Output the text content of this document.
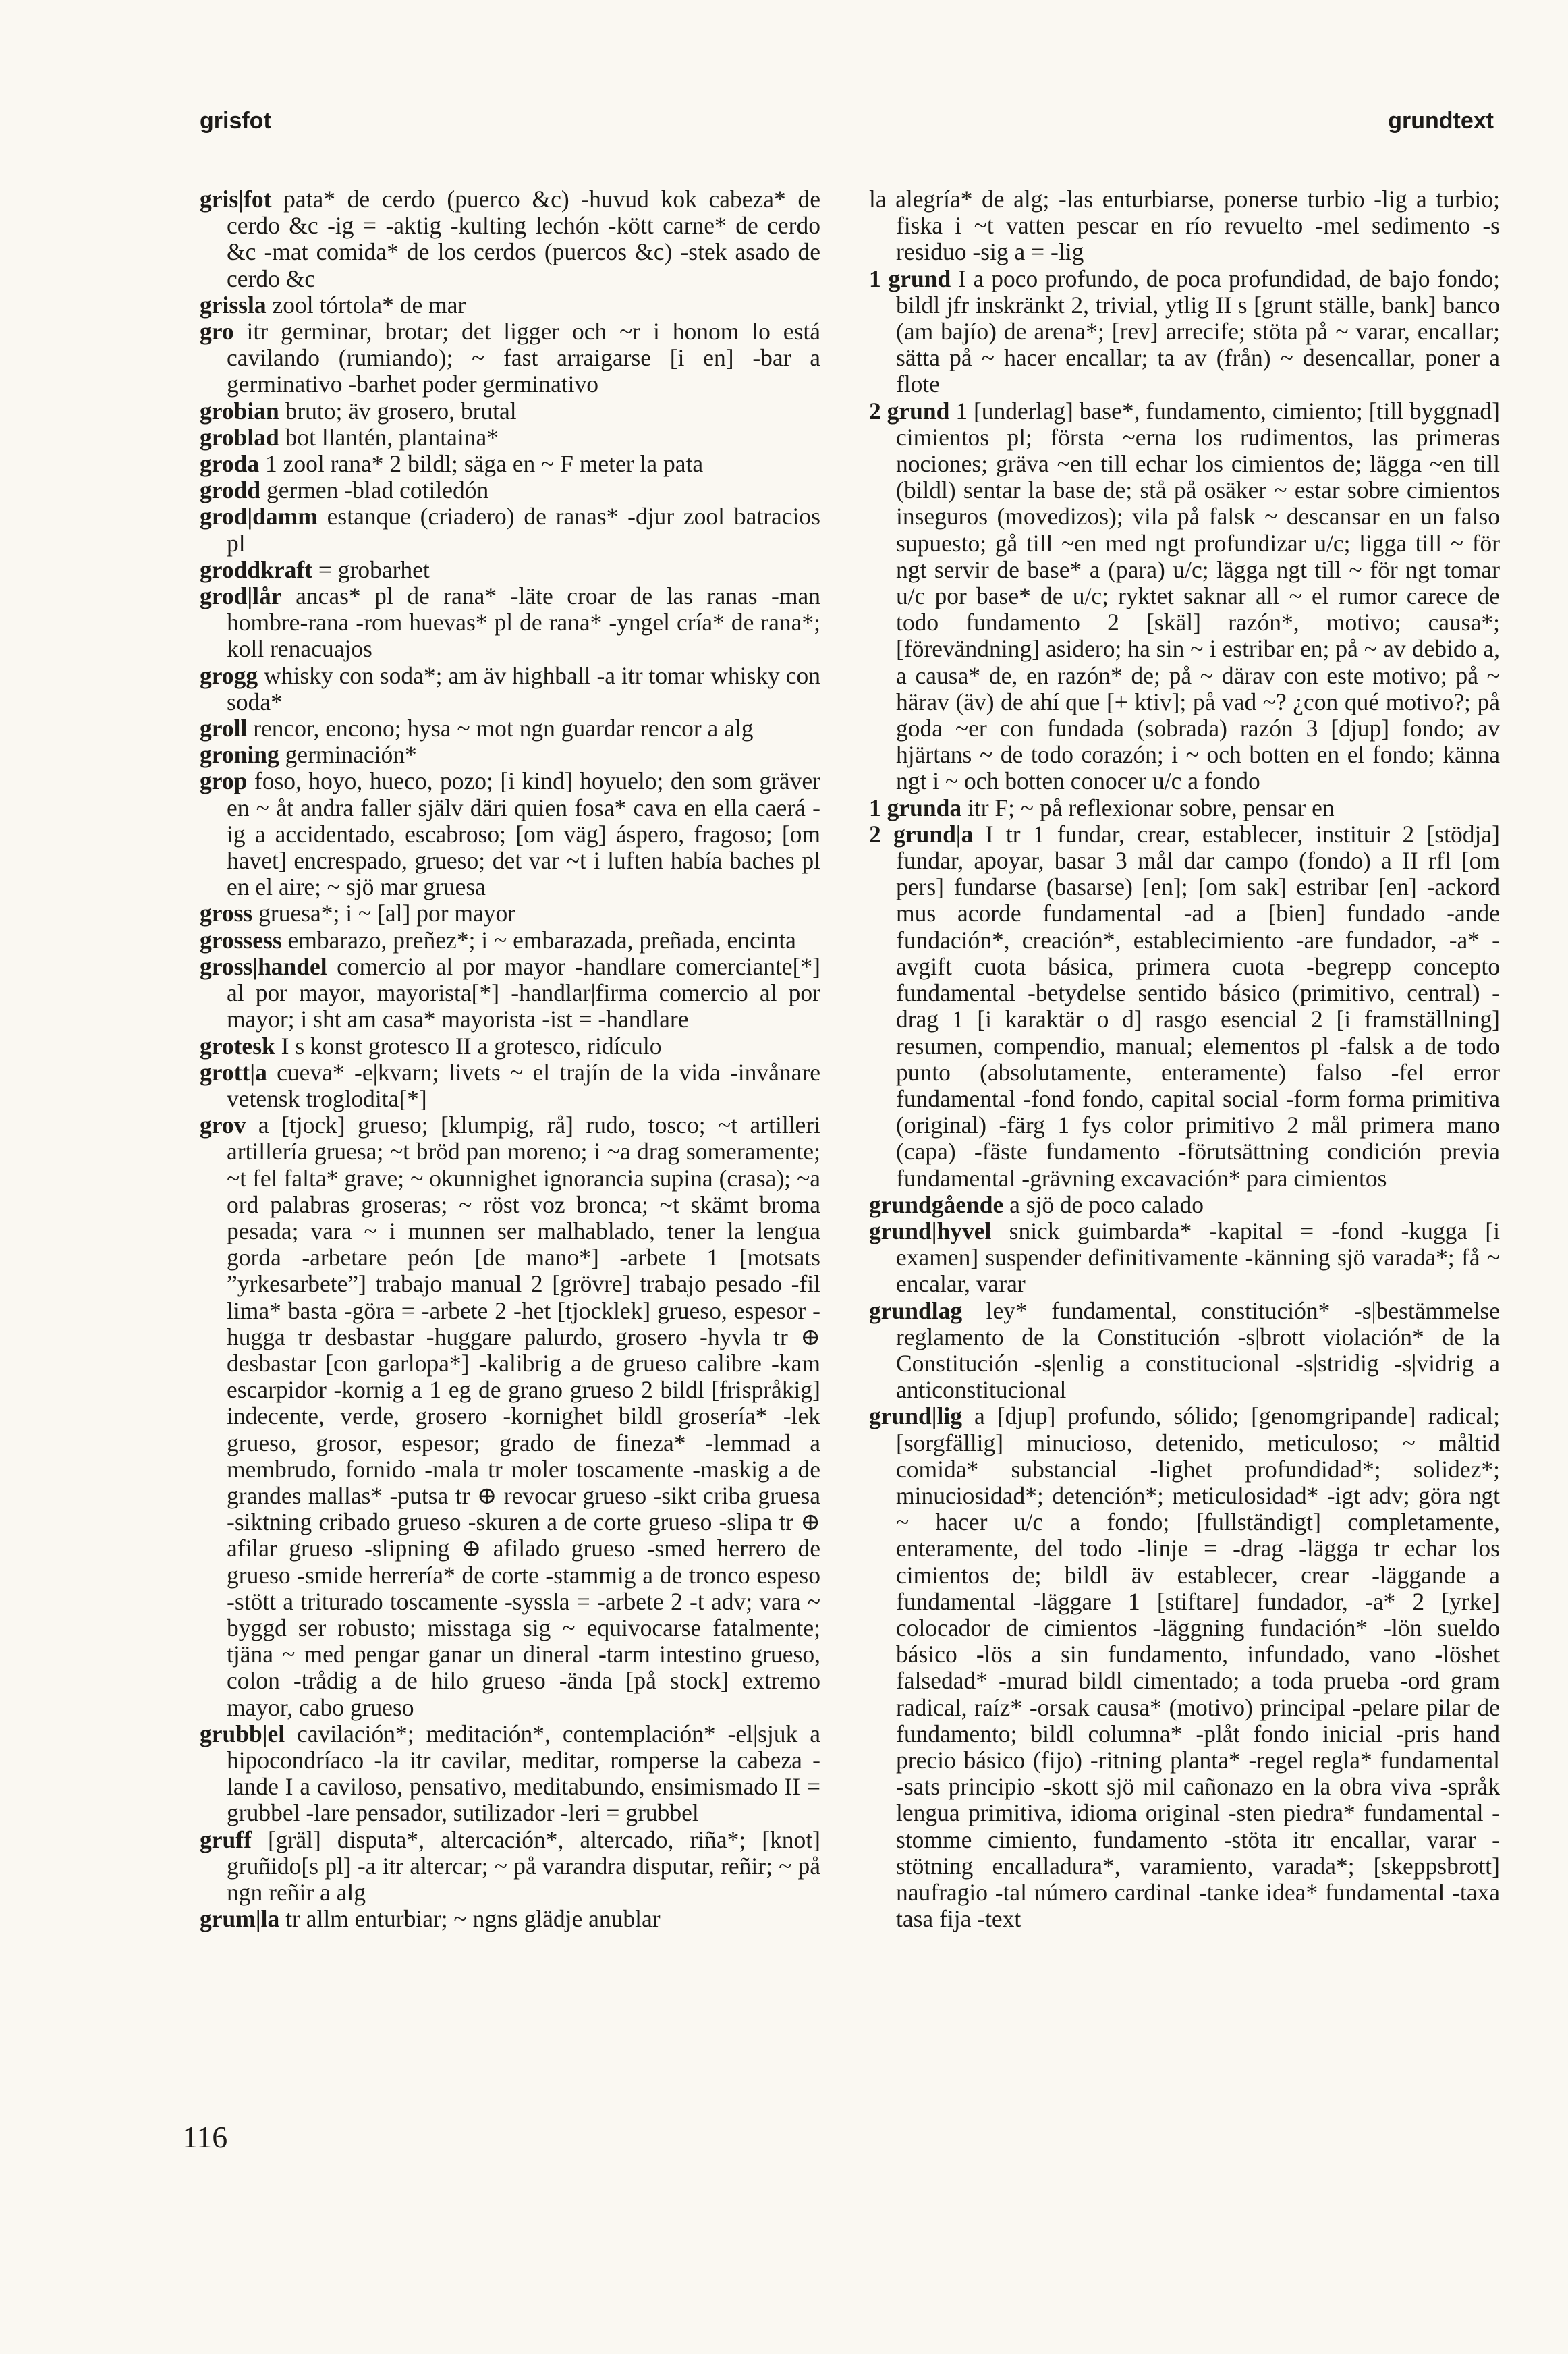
grisfot	grundtext

gris|fot pata* de cerdo (puerco &c) -huvud kok cabeza* de cerdo &c -ig = -aktig -kulting lechón -kött carne* de cerdo &c -mat comida* de los cerdos (puercos &c) -stek asado de cerdo &c

grissla zool tórtola* de mar

gro itr germinar, brotar; det ligger och ~r i honom lo está cavilando (rumiando); ~ fast arraigarse [i en] -bar a germinativo -barhet poder germinativo

grobian bruto; äv grosero, brutal

groblad bot llantén, plantaina*

groda 1 zool rana* 2 bildl; säga en ~ F meter la pata

grodd germen -blad cotiledón

grod|damm estanque (criadero) de ranas* -djur zool batracios pl

groddkraft = grobarhet

grod|lår ancas* pl de rana* -läte croar de las ranas -man hombre-rana -rom huevas* pl de rana* -yngel cría* de rana*; koll renacuajos

grogg whisky con soda*; am äv highball -a itr tomar whisky con soda*

groll rencor, encono; hysa ~ mot ngn guardar rencor a alg

groning germinación*

grop foso, hoyo, hueco, pozo; [i kind] hoyuelo; den som gräver en ~ åt andra faller själv däri quien fosa* cava en ella caerá -ig a accidentado, escabroso; [om väg] áspero, fragoso; [om havet] encrespado, grueso; det var ~t i luften había baches pl en el aire; ~ sjö mar gruesa

gross gruesa*; i ~ [al] por mayor

grossess embarazo, preñez*; i ~ embarazada, preñada, encinta

gross|handel comercio al por mayor -handlare comerciante[*] al por mayor, mayorista[*] -handlar|firma comercio al por mayor; i sht am casa* mayorista -ist = -handlare

grotesk I s konst grotesco II a grotesco, ridículo

grott|a cueva* -e|kvarn; livets ~ el trajín de la vida -invånare vetensk troglodita[*]

grov a [tjock] grueso; [klumpig, rå] rudo, tosco; ~t artilleri artillería gruesa; ~t bröd pan moreno; i ~a drag someramente; ~t fel falta* grave; ~ okunnighet ignorancia supina (crasa); ~a ord palabras groseras; ~ röst voz bronca; ~t skämt broma pesada; vara ~ i munnen ser malhablado, tener la lengua gorda -arbetare peón [de mano*] -arbete 1 [motsats ”yrkesarbete”] trabajo manual 2 [grövre] trabajo pesado -fil lima* basta -göra = -arbete 2 -het [tjocklek] grueso, espesor -hugga tr desbastar -huggare palurdo, grosero -hyvla tr ⊕ desbastar [con garlopa*] -kalibrig a de grueso calibre -kam escarpidor -kornig a 1 eg de grano grueso 2 bildl [frispråkig] indecente, verde, grosero -kornighet bildl grosería* -lek grueso, grosor, espesor; grado de fineza* -lemmad a membrudo, fornido -mala tr moler toscamente -maskig a de grandes mallas* -putsa tr ⊕ revocar grueso -sikt criba gruesa -siktning cribado grueso -skuren a de corte grueso -slipa tr ⊕ afilar grueso -slipning ⊕ afilado grueso -smed herrero de grueso -smide herrería* de corte -stammig a de tronco espeso -stött a triturado toscamente -syssla = -arbete 2 -t adv; vara ~ byggd ser robusto; misstaga sig ~ equivocarse fatalmente; tjäna ~ med pengar ganar un dineral -tarm intestino grueso, colon -trådig a de hilo grueso -ända [på stock] extremo mayor, cabo grueso

grubb|el cavilación*; meditación*, contemplación* -el|sjuk a hipocondríaco -la itr cavilar, meditar, romperse la cabeza -lande I a caviloso, pensativo, meditabundo, ensimismado II = grubbel -lare pensador, sutilizador -leri = grubbel

gruff [gräl] disputa*, altercación*, altercado, riña*; [knot] gruñido[s pl] -a itr altercar; ~ på varandra disputar, reñir; ~ på ngn reñir a alg

grum|la tr allm enturbiar; ~ ngns glädje anublar

la alegría* de alg; -las enturbiarse, ponerse turbio -lig a turbio; fiska i ~t vatten pescar en río revuelto -mel sedimento -s residuo -sig a = -lig

1 grund I a poco profundo, de poca profundidad, de bajo fondo; bildl jfr inskränkt 2, trivial, ytlig II s [grunt ställe, bank] banco (am bajío) de arena*; [rev] arrecife; stöta på ~ varar, encallar; sätta på ~ hacer encallar; ta av (från) ~ desencallar, poner a flote

2 grund 1 [underlag] base*, fundamento, cimiento; [till byggnad] cimientos pl; första ~erna los rudimentos, las primeras nociones; gräva ~en till echar los cimientos de; lägga ~en till (bildl) sentar la base de; stå på osäker ~ estar sobre cimientos inseguros (movedizos); vila på falsk ~ descansar en un falso supuesto; gå till ~en med ngt profundizar u/c; ligga till ~ för ngt servir de base* a (para) u/c; lägga ngt till ~ för ngt tomar u/c por base* de u/c; ryktet saknar all ~ el rumor carece de todo fundamento 2 [skäl] razón*, motivo; causa*; [förevändning] asidero; ha sin ~ i estribar en; på ~ av debido a, a causa* de, en razón* de; på ~ därav con este motivo; på ~ härav (äv) de ahí que [+ ktiv]; på vad ~? ¿con qué motivo?; på goda ~er con fundada (sobrada) razón 3 [djup] fondo; av hjärtans ~ de todo corazón; i ~ och botten en el fondo; känna ngt i ~ och botten conocer u/c a fondo

1 grunda itr F; ~ på reflexionar sobre, pensar en

2 grund|a I tr 1 fundar, crear, establecer, instituir 2 [stödja] fundar, apoyar, basar 3 mål dar campo (fondo) a II rfl [om pers] fundarse (basarse) [en]; [om sak] estribar [en] -ackord mus acorde fundamental -ad a [bien] fundado -ande fundación*, creación*, establecimiento -are fundador, -a* -avgift cuota básica, primera cuota -begrepp concepto fundamental -betydelse sentido básico (primitivo, central) -drag 1 [i karaktär o d] rasgo esencial 2 [i framställning] resumen, compendio, manual; elementos pl -falsk a de todo punto (absolutamente, enteramente) falso -fel error fundamental -fond fondo, capital social -form forma primitiva (original) -färg 1 fys color primitivo 2 mål primera mano (capa) -fäste fundamento -förutsättning condición previa fundamental -grävning excavación* para cimientos

grundgående a sjö de poco calado

grund|hyvel snick guimbarda* -kapital = -fond -kugga [i examen] suspender definitivamente -känning sjö varada*; få ~ encalar, varar

grundlag ley* fundamental, constitución* -s|bestämmelse reglamento de la Constitución -s|brott violación* de la Constitución -s|enlig a constitucional -s|stridig -s|vidrig a anticonstitucional

grund|lig a [djup] profundo, sólido; [genomgripande] radical; [sorgfällig] minucioso, detenido, meticuloso; ~ måltid comida* substancial -lighet profundidad*; solidez*; minuciosidad*; detención*; meticulosidad* -igt adv; göra ngt ~ hacer u/c a fondo; [fullständigt] completamente, enteramente, del todo -linje = -drag -lägga tr echar los cimientos de; bildl äv establecer, crear -läggande a fundamental -läggare 1 [stiftare] fundador, -a* 2 [yrke] colocador de cimientos -läggning fundación* -lön sueldo básico -lös a sin fundamento, infundado, vano -löshet falsedad* -murad bildl cimentado; a toda prueba -ord gram radical, raíz* -orsak causa* (motivo) principal -pelare pilar de fundamento; bildl columna* -plåt fondo inicial -pris hand precio básico (fijo) -ritning planta* -regel regla* fundamental -sats principio -skott sjö mil cañonazo en la obra viva -språk lengua primitiva, idioma original -sten piedra* fundamental -stomme cimiento, fundamento -stöta itr encallar, varar -stötning encalladura*, varamiento, varada*; [skeppsbrott] naufragio -tal número cardinal -tanke idea* fundamental -taxa tasa fija -text

116
